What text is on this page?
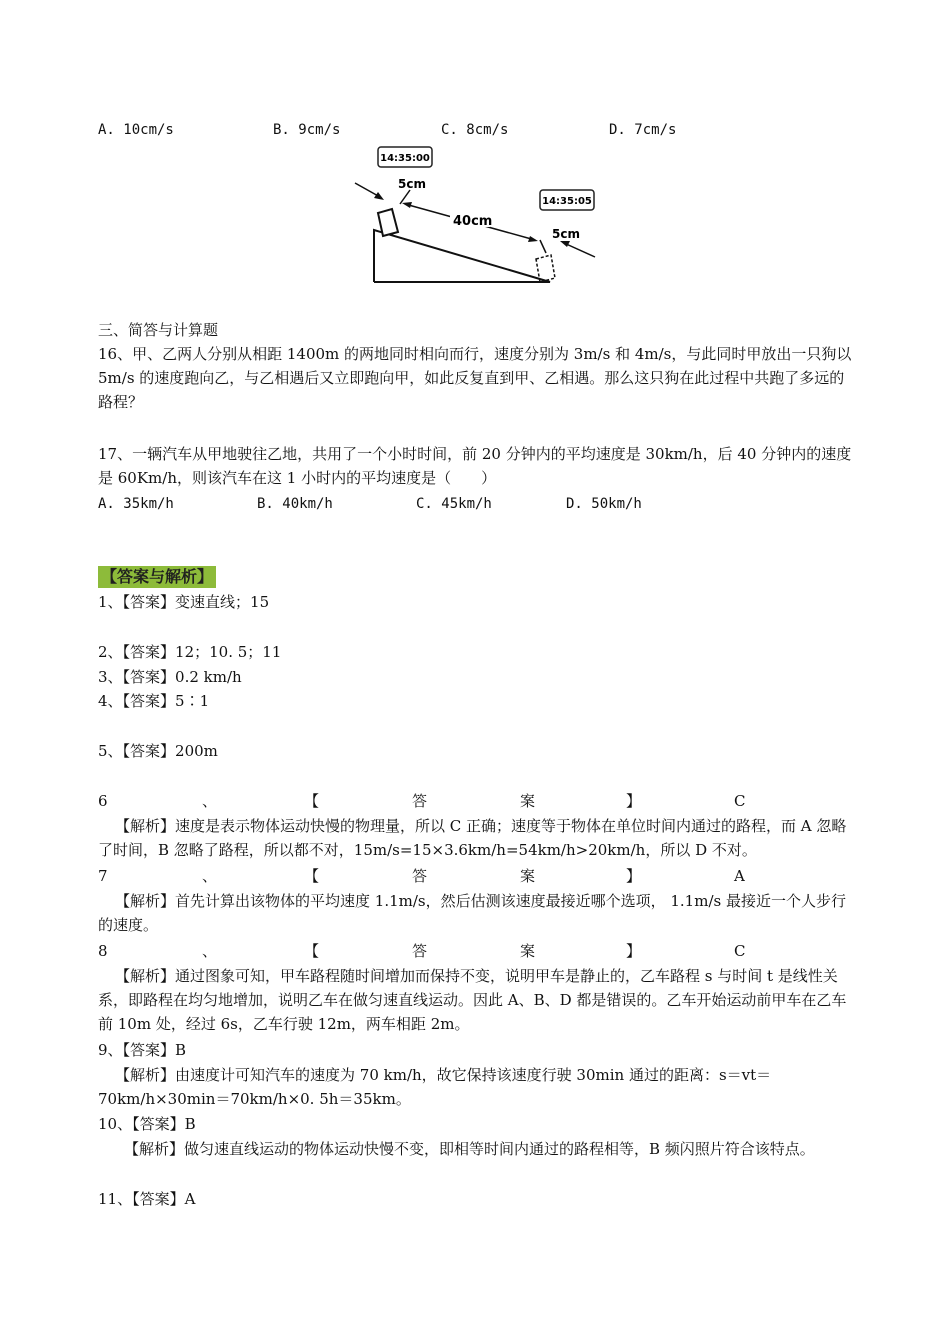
A. 10cm/s	B. 9cm/s	C. 8cm/s	D. 7cm/s
14:35:00
14:35:05
5cm
40cm
5cm
三、简答与计算题
16、甲、乙两人分别从相距 1400m 的两地同时相向而行，速度分别为 3m/s 和 4m/s，与此同时甲放出一只狗以 5m/s 的速度跑向乙，与乙相遇后又立即跑向甲，如此反复直到甲、乙相遇。那么这只狗在此过程中共跑了多远的路程？
17、一辆汽车从甲地驶往乙地，共用了一个小时时间，前 20 分钟内的平均速度是 30km/h，后 40 分钟内的速度是 60Km/h，则该汽车在这 1 小时内的平均速度是（　　）
A. 35km/h	B. 40km/h	C. 45km/h	D. 50km/h
【答案与解析】
1、【答案】变速直线；15
2、【答案】12；10. 5；11
3、【答案】0.2 km/h
4、【答案】5∶1
5、【答案】200m
6	、	【	答	案	】	C
【解析】速度是表示物体运动快慢的物理量，所以 C 正确；速度等于物体在单位时间内通过的路程，而 A 忽略了时间，B 忽略了路程，所以都不对，15m/s=15×3.6km/h=54km/h>20km/h，所以 D 不对。
7	、	【	答	案	】	A
【解析】首先计算出该物体的平均速度 1.1m/s，然后估测该速度最接近哪个选项， 1.1m/s 最接近一个人步行的速度。
8	、	【	答	案	】	C
【解析】通过图象可知，甲车路程随时间增加而保持不变，说明甲车是静止的，乙车路程 s 与时间 t 是线性关系，即路程在均匀地增加，说明乙车在做匀速直线运动。因此 A、B、D 都是错误的。乙车开始运动前甲车在乙车前 10m 处，经过 6s，乙车行驶 12m，两车相距 2m。
9、【答案】B
【解析】由速度计可知汽车的速度为 70 km/h，故它保持该速度行驶 30min 通过的距离：s＝vt＝70km/h×30min＝70km/h×0. 5h＝35km。
10、【答案】B
【解析】做匀速直线运动的物体运动快慢不变，即相等时间内通过的路程相等，B 频闪照片符合该特点。
11、【答案】A
